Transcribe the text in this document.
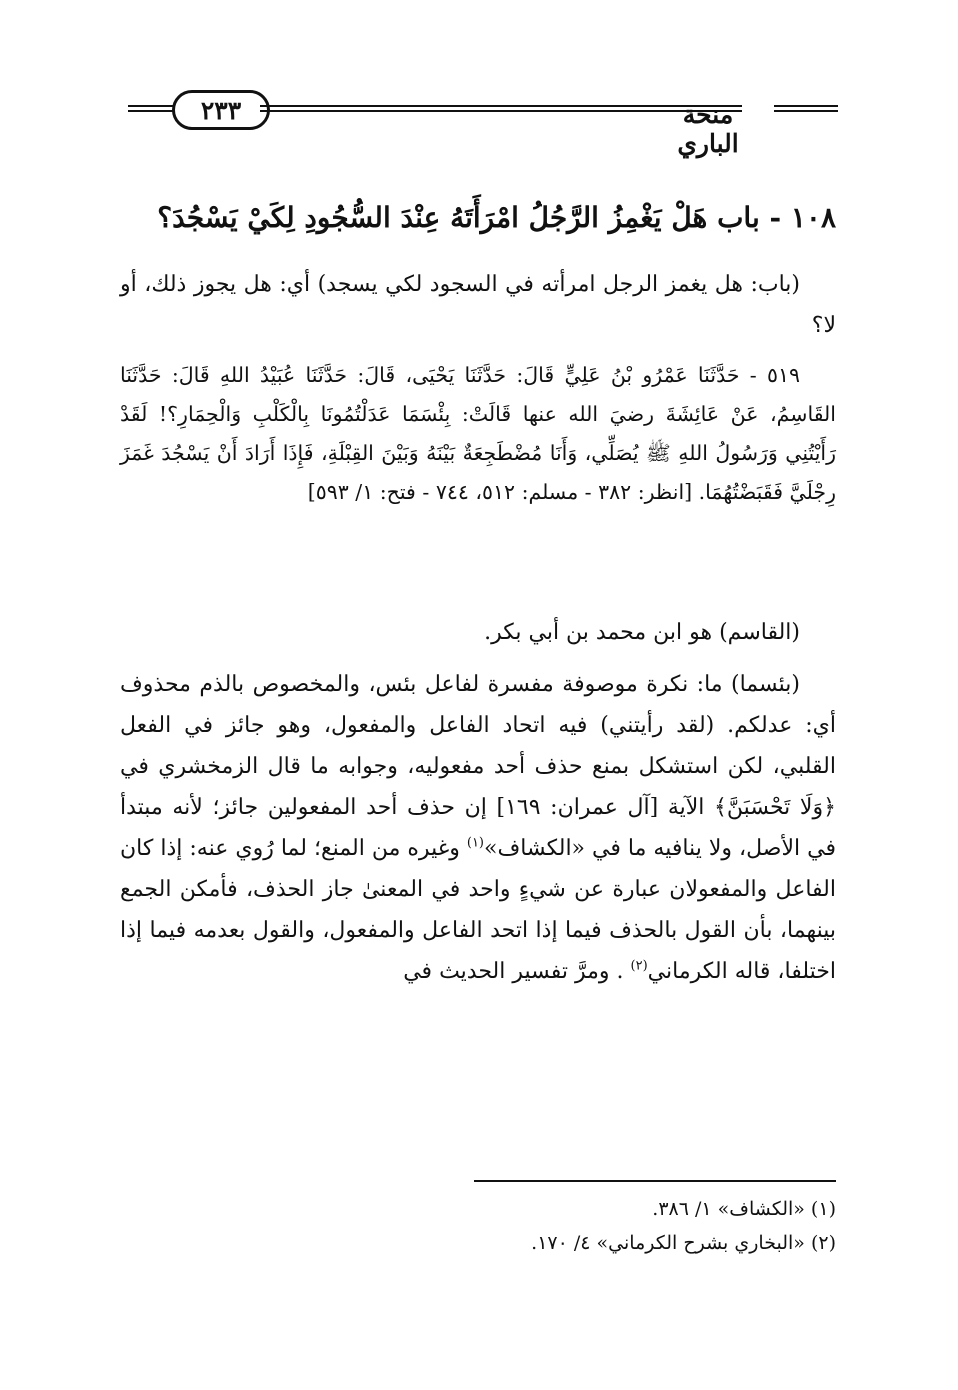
٢٣٣	منحة الباري
١٠٨ - باب هَلْ يَغْمِزُ الرَّجُلُ امْرَأَتَهُ عِنْدَ السُّجُودِ لِكَيْ يَسْجُدَ؟
(باب: هل يغمز الرجل امرأته في السجود لكي يسجد) أي: هل يجوز ذلك، أو لا؟
٥١٩ - حَدَّثَنَا عَمْرُو بْنُ عَلِيٍّ قَالَ: حَدَّثَنَا يَحْيَى، قَالَ: حَدَّثَنَا عُبَيْدُ اللهِ قَالَ: حَدَّثَنَا القَاسِمُ، عَنْ عَائِشَةَ رضيَ الله عنها قَالَتْ: بِئْسَمَا عَدَلْتُمُونَا بِالْكَلْبِ وَالْحِمَارِ؟! لَقَدْ رَأَيْتُنِي وَرَسُولُ اللهِ ﷺ يُصَلِّي، وَأَنَا مُضْطَجِعَةٌ بَيْنَهُ وَبَيْنَ القِبْلَةِ، فَإِذَا أَرَادَ أَنْ يَسْجُدَ غَمَزَ رِجْلَيَّ فَقَبَضْتُهُمَا. [انظر: ٣٨٢ - مسلم: ٥١٢، ٧٤٤ - فتح: ١/ ٥٩٣]
(القاسم) هو ابن محمد بن أبي بكر.
(بئسما) ما: نكرة موصوفة مفسرة لفاعل بئس، والمخصوص بالذم محذوف أي: عدلكم. (لقد رأيتني) فيه اتحاد الفاعل والمفعول، وهو جائز في الفعل القلبي، لكن استشكل بمنع حذف أحد مفعوليه، وجوابه ما قال الزمخشري في ﴿وَلَا تَحْسَبَنَّ﴾ الآية [آل عمران: ١٦٩] إن حذف أحد المفعولين جائز؛ لأنه مبتدأ في الأصل، ولا ينافيه ما في «الكشاف»$^{(١)}$ وغيره من المنع؛ لما رُوي عنه: إذا كان الفاعل والمفعولان عبارة عن شيءٍ واحد في المعنىٰ جاز الحذف، فأمكن الجمع بينهما، بأن القول بالحذف فيما إذا اتحد الفاعل والمفعول، والقول بعدمه فيما إذا اختلفا، قاله الكرماني$^{(٢)}$ . ومرَّ تفسير الحديث في
(١) «الكشاف» ١/ ٣٨٦.
(٢) «البخاري بشرح الكرماني» ٤/ ١٧٠.
